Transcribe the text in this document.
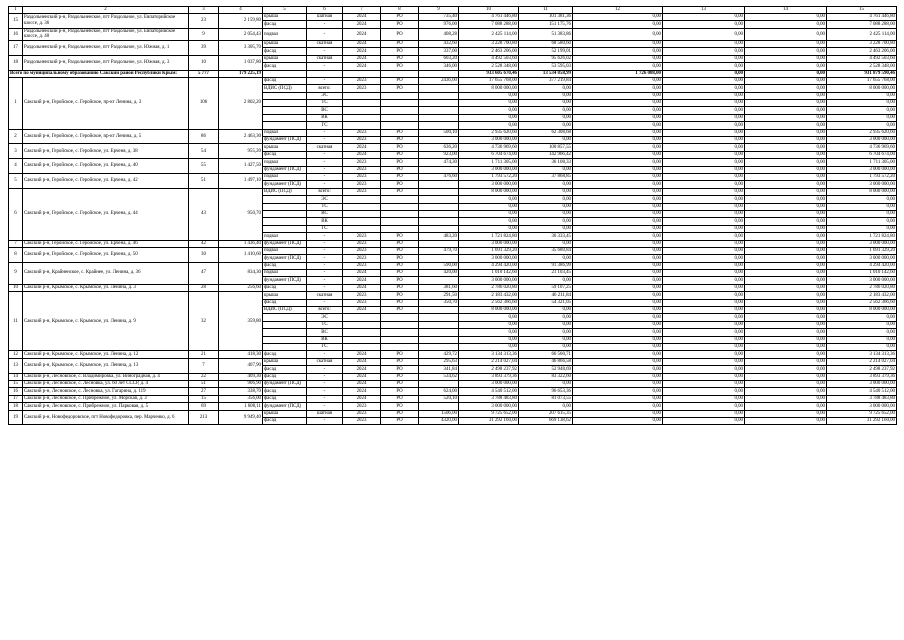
1	2	3	4	5	6	7	8	9	10	11	12	13	14	15
15	Раздольненский р-н, Раздольненское, пгт Раздольное, ул. Евпаторийское шоссе, д. 36	23	2 159,80	крыша	шатная	2024	РО	735,40	4 761 446,80	101 381,36	0,00	0,00	0,00	4 761 446,80
				фасад	-	2024	РО	976,00	7 088 288,00	151 175,76	0,00	0,00	0,00	7 088 288,00
16	Раздольненский р-н, Раздольненское, пгт Раздольное, ул. Евпаторийское шоссе, д. 40	9	2 054,43	подвал	-	2024	РО	408,28	2 425 114,00	51 383,86	0,00	0,00	0,00	2 425 114,00
17	Раздольненский р-н, Раздольненское, пгт Раздольное, ул. Южная, д. 1	39	3 305,70	крыша	скатная	2024	РО	432,60	3 228 700,80	68 580,60	0,00	0,00	0,00	3 228 700,80
				фасад	-	2024	РО	337,00	2 463 206,00	52 199,01	0,00	0,00	0,00	2 463 206,00
18	Раздольненский р-н, Раздольненское, пгт Раздольное, ул. Южная, д. 3	10	1 037,80	крыша	скатная	2024	РО	603,20	4 492 503,60	95 626,02	0,00	0,00	0,00	4 492 503,60
				фасад	-	2024	РО	346,00	2 528 348,00	53 595,03	0,00	0,00	0,00	2 528 348,00
Всего по муниципальному образованию Сакский район Республики Крым:		5 777	179 225,19						933 605 670,46	13 534 858,99	1 726 088,00	0,00	0,00	931 879 590,46
1	Сакский р-н, Геройское, с. Геройское, пр-кт Ленина, д. 3	106	2 802,20	фасад	-	2023	РО	2436,00	17 655 768,00	377 219,84	0,00	0,00	0,00	17 655 768,00
				ВДИС (ПСД)	всего:	2023	РО		8 000 000,00	0,00	0,00	0,00	0,00	8 000 000,00
					ЭС				0,00	0,00	0,00	0,00	0,00	0,00
					ТС				0,00	0,00	0,00	0,00	0,00	0,00
					ВС				0,00	0,00	0,00	0,00	0,00	0,00
					ВК				0,00	0,00	0,00	0,00	0,00	0,00
					ГС				0,00	0,00	0,00	0,00	0,00	0,00
2	Сакский р-н, Геройское, с. Геройское, пр-кт Ленина, д. 5	86	2 463,30	подвал	-	2023	РО	500,10	2 935 620,60	62 308,68	0,00	0,00	0,00	2 935 620,60
				фундамент (ПСД)	-	2023	РО		3 000 000,00	0,00	0,00	0,00	0,00	3 000 000,00
3	Сакский р-н, Геройское, с. Геройское, ул. Ерченя, д. 38	54	955,20	крыша	скатная	2024	РО	636,20	4 736 969,60	100 857,55	0,00	0,00	0,00	4 736 969,60
				фасад	-	2024	РО	923,00	6 704 674,00	142 966,42	0,00	0,00	0,00	6 704 674,00
4	Сакский р-н, Геройское, с. Геройское, ул. Ерчена, д. 40	55	1 427,50	подвал	-	2023	РО	474,30	1 711 305,00	36 108,33	0,00	0,00	0,00	1 711 305,00
				фундамент (ПСД)	-	2023	РО		3 000 000,00	0,00	0,00	0,00	0,00	3 000 000,00
5	Сакский р-н, Геройское, с. Геройское, ул. Ерчена, д. 42	51	1 497,10	подвал	-	2023	РО	476,60	1 793 572,20	37 868,85	0,00	0,00	0,00	1 793 572,20
				фундамент (ПСД)	-	2023	РО		3 000 000,00	0,00	0,00	0,00	0,00	3 000 000,00
6	Сакский р-н, Геройское, с. Геройское, ул. Ерчена, д. 44	43	950,70	ВДИС (ПСД)	всего:	2023	РО		8 000 000,00	0,00	0,00	0,00	0,00	8 000 000,00
					ЭС				0,00	0,00	0,00	0,00	0,00	0,00
					ТС				0,00	0,00	0,00	0,00	0,00	0,00
					ВС				0,00	0,00	0,00	0,00	0,00	0,00
					ВК				0,00	0,00	0,00	0,00	0,00	0,00
					ГС				0,00	0,00	0,00	0,00	0,00	0,00
				подвал	-	2023	РО	483,20	1 721 824,80	36 333,45	0,00	0,00	0,00	1 721 824,80
7	Сакский р-н, Геройское, с. Геройское, ул. Ерчена, д. 46	42	1 436,40	фундамент (ПСД)	-	2023	РО		3 000 000,00	0,00	0,00	0,00	0,00	3 000 000,00
8	Сакский р-н, Геройское, с. Геройское, ул. Ерчена, д. 50	30	1 410,60	подвал	-	2023	РО	479,70	1 691 329,20	35 680,84	0,00	0,00	0,00	1 691 329,20
				фундамент (ПСД)	-	2023	РО		3 000 000,00	0,00	0,00	0,00	0,00	3 000 000,00
9	Сакский р-н, Крайненское, с. Крайнее, ул. Ленина, д. 36	47	834,30	фасад	-	2023	РО	590,00	4 294 420,00	91 386,99	0,00	0,00	0,00	4 294 420,00
				подвал	-	2024	РО	420,00	1 010 142,60	21 103,45	0,00	0,00	0,00	1 010 142,60
				фундамент (ПСД)	-	2024	РО		3 000 000,00	0,00	0,00	0,00	0,00	3 000 000,00
10	Сакский р-н, Крымское, с. Крымское, ул. Ленина, д. 3	28	256,60	фасад	-	2024	РО	381,60	2 786 020,80	59 107,25	0,00	0,00	0,00	2 786 020,80
11	Сакский р-н, Крымское, с. Крымское, ул. Ленина, д. 9	32	359,80	крыша	скатная	2023	РО	291,50	2 183 432,00	46 211,84	0,00	0,00	0,00	2 183 432,00
				фасад	-	2023	РО	350,70	2 562 366,60	54 321,05	0,00	0,00	0,00	2 562 366,60
				ВДИС (ПСД)	всего:	2024	РО		8 000 000,00	0,00	0,00	0,00	0,00	8 000 000,00
					ЭС				0,00	0,00	0,00	0,00	0,00	0,00
					ТС				0,00	0,00	0,00	0,00	0,00	0,00
					ВС				0,00	0,00	0,00	0,00	0,00	0,00
					ВК				0,00	0,00	0,00	0,00	0,00	0,00
					ГС				0,00	0,00	0,00	0,00	0,00	0,00
12	Сакский р-н, Крымское, с. Крымское, ул. Ленина, д. 12	21	418,30	фасад	-	2024	РО	429,72	3 134 313,36	66 560,71	0,00	0,00	0,00	3 134 313,36
13	Сакский р-н, Крымское, с. Крымское, ул. Ленина, д. 13	7	407,90	крыша	скатная	2024	РО	295,63	2 214 027,04	46 866,58	0,00	0,00	0,00	2 214 027,04
				фасад	-	2024	РО	341,84	2 498 237,92	52 948,69	0,00	0,00	0,00	2 498 237,92
14	Сакский р-н, Лесновское, с. Владимировка, ул. Виноградная, д. 4	22	409,30	фасад	-	2024	РО	534,62	3 893 379,36	83 322,60	0,00	0,00	0,00	3 893 379,36
15	Сакский р-н, Лесновское, с. Лесновка, ул. 60 лет СССР, д. 4	51	906,90	фундамент (ПСД)	-	2024	РО		3 000 000,00	0,00	0,00	0,00	0,00	3 000 000,00
16	Сакский р-н, Лесновское, с. Лесновка, ул. Гагарина, д. 119	27	338,70	фасад	-	2024	РО	624,00	4 540 512,00	96 653,36	0,00	0,00	0,00	4 540 512,00
17	Сакский р-н, Лесновское, с. Прибрежное, ул. Морская, д. 3	15	356,00	фасад	-	2024	РО	520,10	3 788 483,80	81 073,55	0,00	0,00	0,00	3 788 483,80
18	Сакский р-н, Лесновское, с. Прибрежное, ул. Парковая, д. 5	69	1 608,11	фундамент (ПСД)	-	2023	РО		3 000 000,00	0,00	0,00	0,00	0,00	3 000 000,00
19	Сакский р-н, Новофедоровское, пгт Новофедоровка, пер. Марченко, д. 6	213	9 949,40	крыша	шатная	2023	РО	1506,00	9 725 652,00	207 615,35	0,00	0,00	0,00	9 725 652,00
				фасад	-	2023	РО	4320,00	31 292 160,00	669 138,62	0,00	0,00	0,00	31 292 160,00
